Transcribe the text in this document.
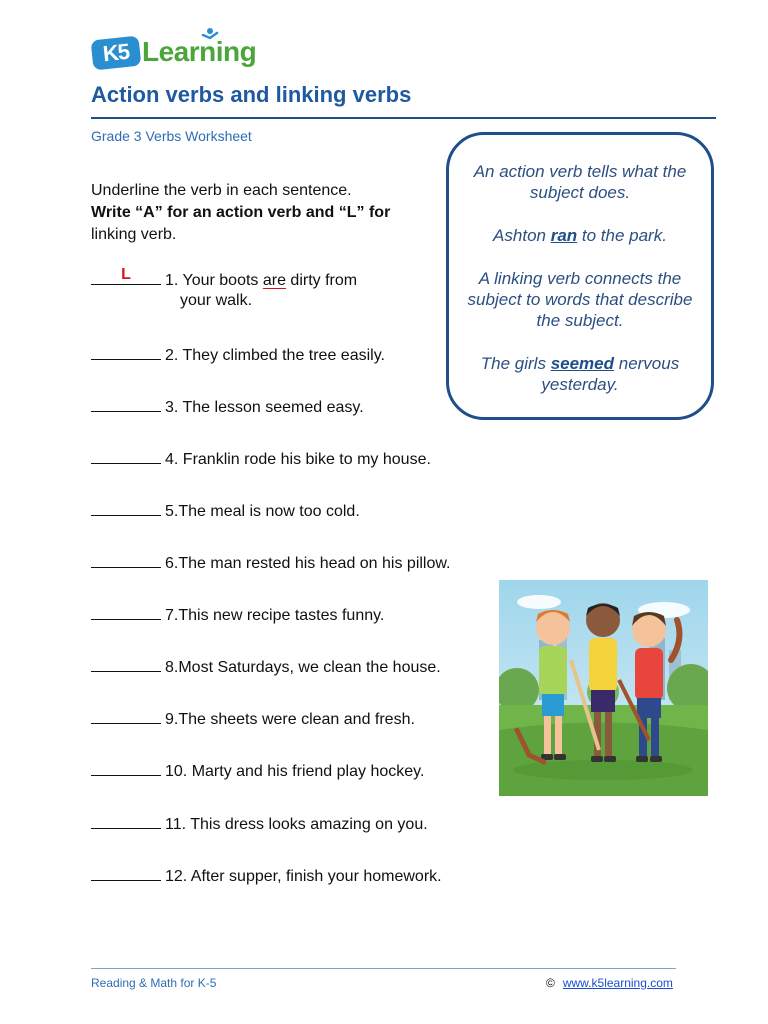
K5 Learning
Action verbs and linking verbs
Grade 3 Verbs Worksheet
Underline the verb in each sentence.
Write “A” for an action verb and “L” for
linking verb.

An action verb tells what the subject does.

Ashton ran to the park.

A linking verb connects the subject to words that describe the subject.

The girls seemed nervous yesterday.

L	1. Your boots are dirty from
your walk.
2. They climbed the tree easily.
3. The lesson seemed easy.
4. Franklin rode his bike to my house.
5.The meal is now too cold.
6.The man rested his head on his pillow.
7.This new recipe tastes funny.
8.Most Saturdays, we clean the house.
9.The sheets were clean and fresh.
10. Marty and his friend play hockey.
11. This dress looks amazing on you.
12. After supper, finish your homework.
Reading & Math for K-5	© www.k5learning.com
